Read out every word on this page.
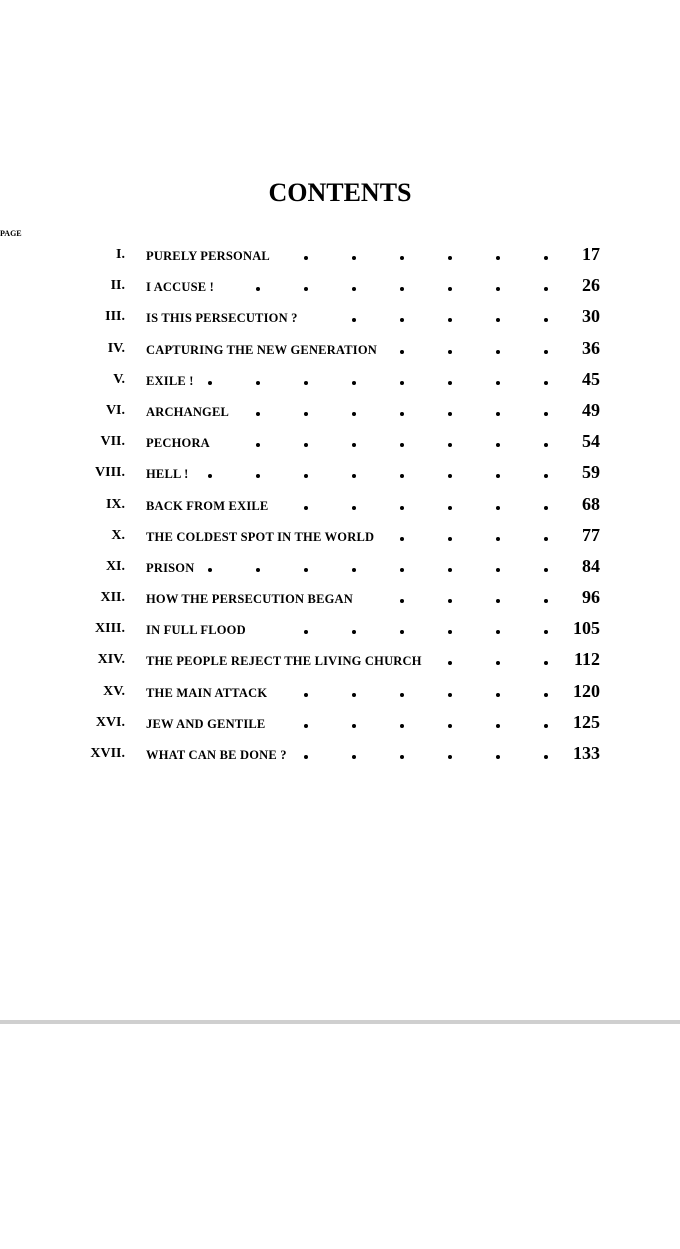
CONTENTS
PAGE
I. PURELY PERSONAL	17
II. I ACCUSE !	26
III. IS THIS PERSECUTION ?	30
IV. CAPTURING THE NEW GENERATION	36
V. EXILE !	45
VI. ARCHANGEL	49
VII. PECHORA	54
VIII. HELL !	59
IX. BACK FROM EXILE	68
X. THE COLDEST SPOT IN THE WORLD	77
XI. PRISON	84
XII. HOW THE PERSECUTION BEGAN	96
XIII. IN FULL FLOOD	105
XIV. THE PEOPLE REJECT THE LIVING CHURCH	112
XV. THE MAIN ATTACK	120
XVI. JEW AND GENTILE	125
XVII. WHAT CAN BE DONE ?	133
